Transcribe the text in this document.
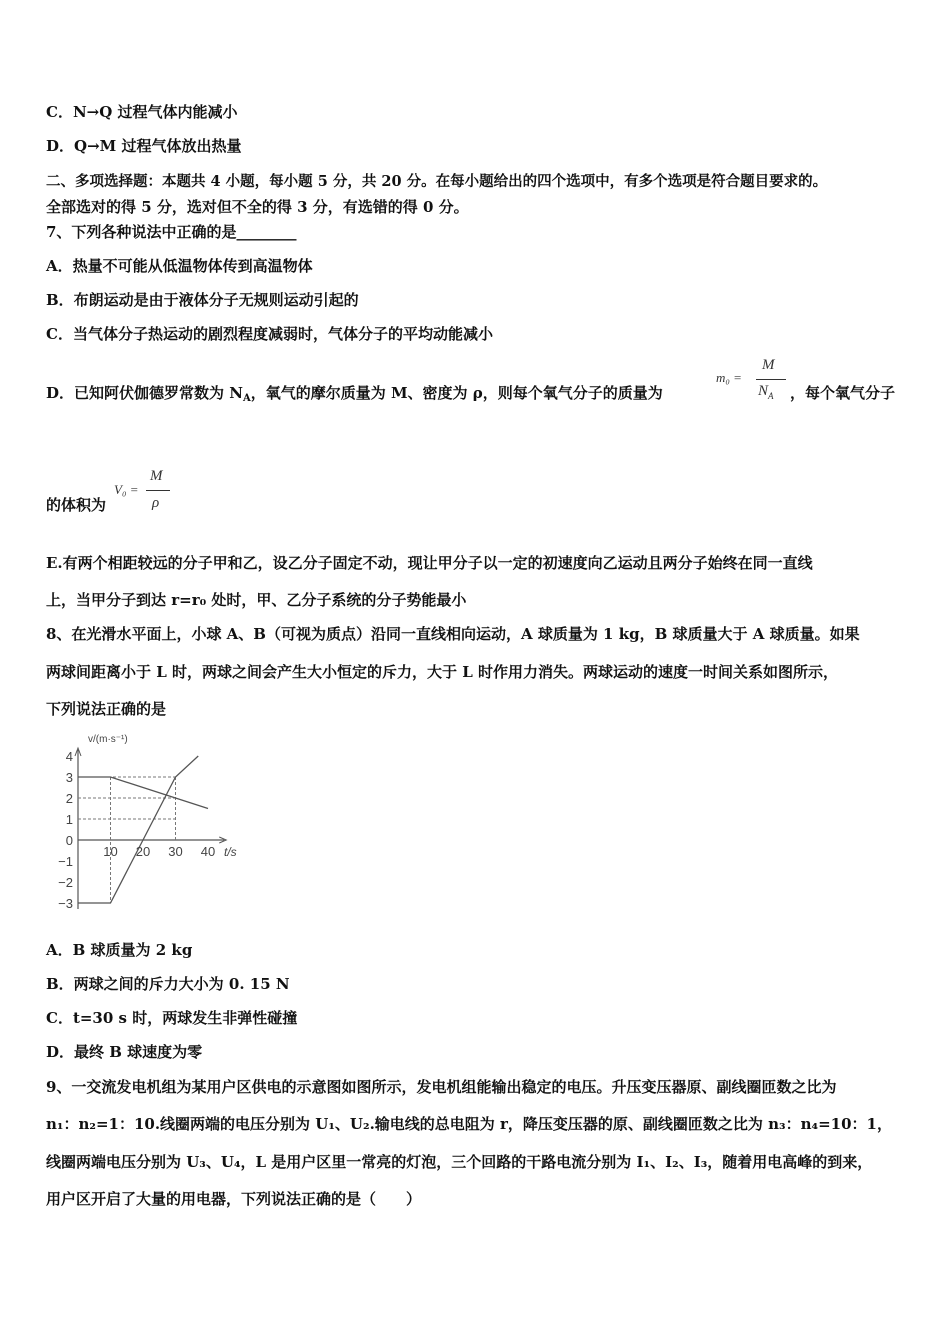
C．N→Q 过程气体内能减小
D．Q→M 过程气体放出热量
二、多项选择题：本题共 4 小题，每小题 5 分，共 20 分。在每小题给出的四个选项中，有多个选项是符合题目要求的。
全部选对的得 5 分，选对但不全的得 3 分，有选错的得 0 分。
7、下列各种说法中正确的是________
A．热量不可能从低温物体传到高温物体
B．布朗运动是由于液体分子无规则运动引起的
C．当气体分子热运动的剧烈程度减弱时，气体分子的平均动能减小
D．已知阿伏伽德罗常数为 $N_A$，氧气的摩尔质量为 M、密度为 ρ，则每个氧气分子的质量为
m₀ =
M
$N_A$ ，每个氧气分子
的体积为
V₀ =
M
ρ
E.有两个相距较远的分子甲和乙，设乙分子固定不动，现让甲分子以一定的初速度向乙运动且两分子始终在同一直线
上，当甲分子到达 r=r₀ 处时，甲、乙分子系统的分子势能最小
8、在光滑水平面上，小球 A、B（可视为质点）沿同一直线相向运动，A 球质量为 1 kg，B 球质量大于 A 球质量。如果
两球间距离小于 L 时，两球之间会产生大小恒定的斥力，大于 L 时作用力消失。两球运动的速度一时间关系如图所示，
下列说法正确的是
10 20 30 40
4
3
2
1
0
−1
−2
−3
v/(m·s⁻¹)
t/s
A．B 球质量为 2 kg
B．两球之间的斥力大小为 0. 15 N
C．t=30 s 时，两球发生非弹性碰撞
D．最终 B 球速度为零
9、一交流发电机组为某用户区供电的示意图如图所示，发电机组能输出稳定的电压。升压变压器原、副线圈匝数之比为
n₁：n₂=1：10.线圈两端的电压分别为 U₁、U₂.输电线的总电阻为 r，降压变压器的原、副线圈匝数之比为 n₃：n₄=10：1，
线圈两端电压分别为 U₃、U₄，L 是用户区里一常亮的灯泡，三个回路的干路电流分别为 I₁、I₂、I₃，随着用电高峰的到来，
用户区开启了大量的用电器，下列说法正确的是（　　）
